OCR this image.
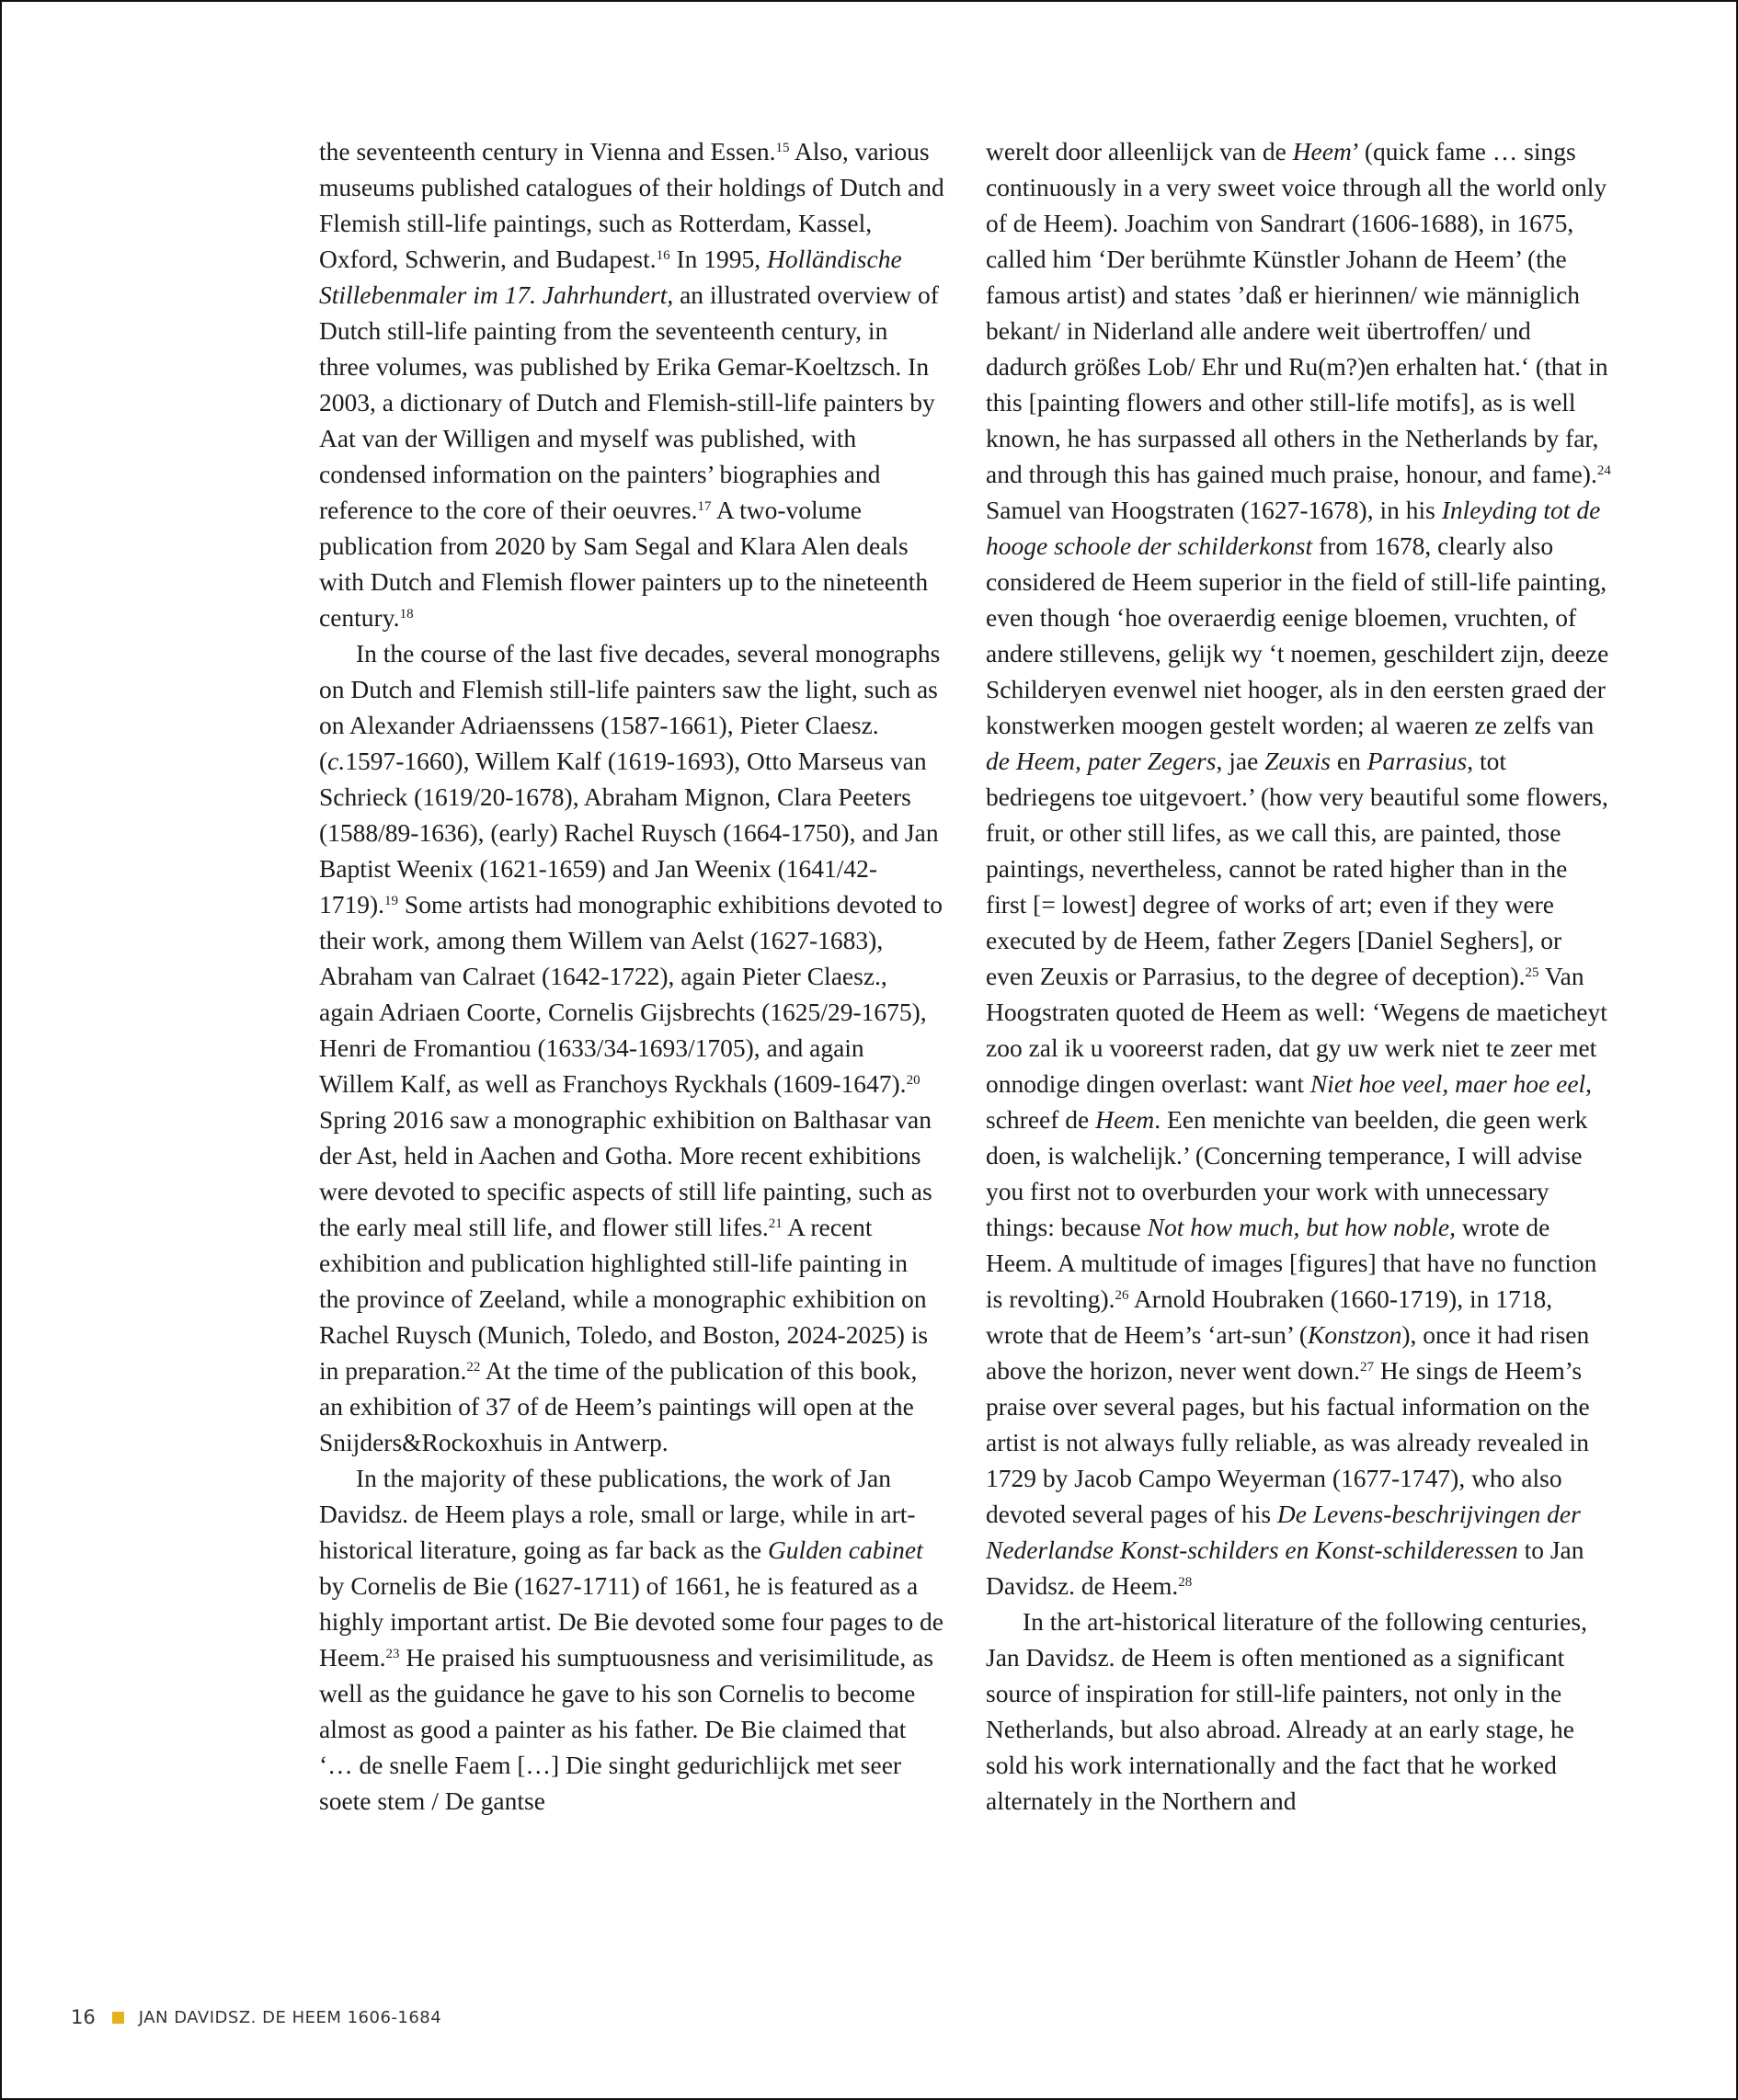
the seventeenth century in Vienna and Essen.$^{15}$ Also, various museums published catalogues of their holdings of Dutch and Flemish still-life paintings, such as Rotterdam, Kassel, Oxford, Schwerin, and Budapest.$^{16}$ In 1995, Holländische Stillebenmaler im 17. Jahrhundert, an illustrated overview of Dutch still-life painting from the seventeenth century, in three volumes, was published by Erika Gemar-Koeltzsch. In 2003, a dictionary of Dutch and Flemish-still-life painters by Aat van der Willigen and myself was published, with condensed information on the painters’ biographies and reference to the core of their oeuvres.$^{17}$ A two-volume publication from 2020 by Sam Segal and Klara Alen deals with Dutch and Flemish flower painters up to the nineteenth century.$^{18}$

In the course of the last five decades, several monographs on Dutch and Flemish still-life painters saw the light, such as on Alexander Adriaenssens (1587-1661), Pieter Claesz. (c.1597-1660), Willem Kalf (1619-1693), Otto Marseus van Schrieck (1619/20-1678), Abraham Mignon, Clara Peeters (1588/89-1636), (early) Rachel Ruysch (1664-1750), and Jan Baptist Weenix (1621-1659) and Jan Weenix (1641/42-1719).$^{19}$ Some artists had monographic exhibitions devoted to their work, among them Willem van Aelst (1627-1683), Abraham van Calraet (1642-1722), again Pieter Claesz., again Adriaen Coorte, Cornelis Gijsbrechts (1625/29-1675), Henri de Fromantiou (1633/34-1693/1705), and again Willem Kalf, as well as Franchoys Ryckhals (1609-1647).$^{20}$ Spring 2016 saw a monographic exhibition on Balthasar van der Ast, held in Aachen and Gotha. More recent exhibitions were devoted to specific aspects of still life painting, such as the early meal still life, and flower still lifes.$^{21}$ A recent exhibition and publication highlighted still-life painting in the province of Zeeland, while a monographic exhibition on Rachel Ruysch (Munich, Toledo, and Boston, 2024-2025) is in preparation.$^{22}$ At the time of the publication of this book, an exhibition of 37 of de Heem’s paintings will open at the Snijders&Rockoxhuis in Antwerp.

In the majority of these publications, the work of Jan Davidsz. de Heem plays a role, small or large, while in art-historical literature, going as far back as the Gulden cabinet by Cornelis de Bie (1627-1711) of 1661, he is featured as a highly important artist. De Bie devoted some four pages to de Heem.$^{23}$ He praised his sumptuousness and verisimilitude, as well as the guidance he gave to his son Cornelis to become almost as good a painter as his father. De Bie claimed that ‘… de snelle Faem […] Die singht gedurichlijck met seer soete stem / De gantse

werelt door alleenlijck van de Heem’ (quick fame … sings continuously in a very sweet voice through all the world only of de Heem). Joachim von Sandrart (1606-1688), in 1675, called him ‘Der berühmte Künstler Johann de Heem’ (the famous artist) and states ’daß er hierinnen/ wie männiglich bekant/ in Niderland alle andere weit übertroffen/ und dadurch größes Lob/ Ehr und Ru(m?)en erhalten hat.‘ (that in this [painting flowers and other still-life motifs], as is well known, he has surpassed all others in the Netherlands by far, and through this has gained much praise, honour, and fame).$^{24}$ Samuel van Hoogstraten (1627-1678), in his Inleyding tot de hooge schoole der schilderkonst from 1678, clearly also considered de Heem superior in the field of still-life painting, even though ‘hoe overaerdig eenige bloemen, vruchten, of andere stillevens, gelijk wy ‘t noemen, geschildert zijn, deeze Schilderyen evenwel niet hooger, als in den eersten graed der konstwerken moogen gestelt worden; al waeren ze zelfs van de Heem, pater Zegers, jae Zeuxis en Parrasius, tot bedriegens toe uitgevoert.’ (how very beautiful some flowers, fruit, or other still lifes, as we call this, are painted, those paintings, nevertheless, cannot be rated higher than in the first [= lowest] degree of works of art; even if they were executed by de Heem, father Zegers [Daniel Seghers], or even Zeuxis or Parrasius, to the degree of deception).$^{25}$ Van Hoogstraten quoted de Heem as well: ‘Wegens de maeticheyt zoo zal ik u vooreerst raden, dat gy uw werk niet te zeer met onnodige dingen overlast: want Niet hoe veel, maer hoe eel, schreef de Heem. Een menichte van beelden, die geen werk doen, is walchelijk.’ (Concerning temperance, I will advise you first not to overburden your work with unnecessary things: because Not how much, but how noble, wrote de Heem. A multitude of images [figures] that have no function is revolting).$^{26}$ Arnold Houbraken (1660-1719), in 1718, wrote that de Heem’s ‘art-sun’ (Konstzon), once it had risen above the horizon, never went down.$^{27}$ He sings de Heem’s praise over several pages, but his factual information on the artist is not always fully reliable, as was already revealed in 1729 by Jacob Campo Weyerman (1677-1747), who also devoted several pages of his De Levens-beschrijvingen der Nederlandse Konst-schilders en Konst-schilderessen to Jan Davidsz. de Heem.$^{28}$

In the art-historical literature of the following centuries, Jan Davidsz. de Heem is often mentioned as a significant source of inspiration for still-life painters, not only in the Netherlands, but also abroad. Already at an early stage, he sold his work internationally and the fact that he worked alternately in the Northern and

16	JAN DAVIDSZ. DE HEEM 1606-1684
